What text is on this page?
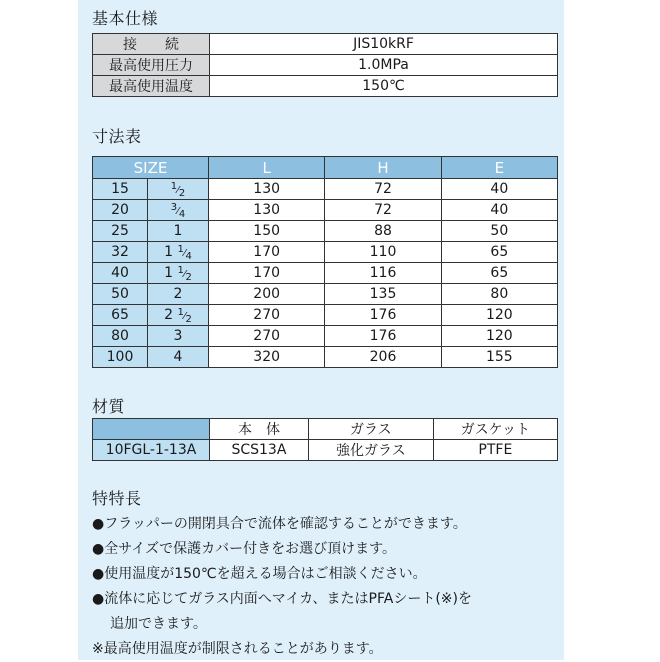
基本仕様
接　　続	JIS10kRF
最高使用圧力	1.0MPa
最高使用温度	150℃
寸法表
SIZE		L	H	E
15	1⁄2	130	72	40
20	3⁄4	130	72	40
25	1	150	88	50
32	1 1⁄4	170	110	65
40	1 1⁄2	170	116	65
50	2	200	135	80
65	2 1⁄2	270	176	120
80	3	270	176	120
100	4	320	206	155
材質
	本　体	ガラス	ガスケット
10FGL-1-13A	SCS13A	強化ガラス	PTFE
特特長
●フラッパーの開閉具合で流体を確認することができます。
●全サイズで保護カバー付きをお選び頂けます。
●使用温度が150℃を超える場合はご相談ください。
●流体に応じてガラス内面へマイカ、またはPFAシート(※)を
追加できます。
※最高使用温度が制限されることがあります。
